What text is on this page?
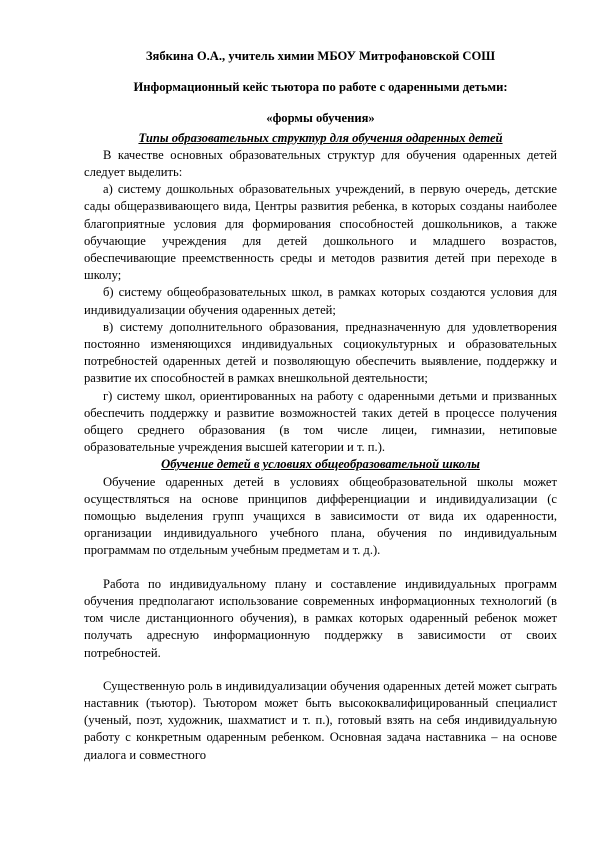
Зябкина О.А., учитель химии МБОУ Митрофановской СОШ

Информационный кейс тьютора по работе с одаренными детьми:

«формы обучения»

Типы образовательных структур для обучения одаренных детей

В качестве основных образовательных структур для обучения одаренных детей следует выделить:

а) систему дошкольных образовательных учреждений, в первую очередь, детские сады общеразвивающего вида, Центры развития ребенка, в которых созданы наиболее благоприятные условия для формирования способностей дошкольников, а также обучающие учреждения для детей дошкольного и младшего возрастов, обеспечивающие преемственность среды и методов развития детей при переходе в школу;

б) систему общеобразовательных школ, в рамках которых создаются условия для индивидуализации обучения одаренных детей;

в) систему дополнительного образования, предназначенную для удовлетворения постоянно изменяющихся индивидуальных социокультурных и образовательных потребностей одаренных детей и позволяющую обеспечить выявление, поддержку и развитие их способностей в рамках внешкольной деятельности;

г) систему школ, ориентированных на работу с одаренными детьми и призванных обеспечить поддержку и развитие возможностей таких детей в процессе получения общего среднего образования (в том числе лицеи, гимназии, нетиповые образовательные учреждения высшей категории и т. п.).

Обучение детей в условиях общеобразовательной школы

Обучение одаренных детей в условиях общеобразовательной школы может осуществляться на основе принципов дифференциации и индивидуализации (с помощью выделения групп учащихся в зависимости от вида их одаренности, организации индивидуального учебного плана, обучения по индивидуальным программам по отдельным учебным предметам и т. д.).

Работа по индивидуальному плану и составление индивидуальных программ обучения предполагают использование современных информационных технологий (в том числе дистанционного обучения), в рамках которых одаренный ребенок может получать адресную информационную поддержку в зависимости от своих потребностей.

Существенную роль в индивидуализации обучения одаренных детей может сыграть наставник (тьютор). Тьютором может быть высококвалифицированный специалист (ученый, поэт, художник, шахматист и т. п.), готовый взять на себя индивидуальную работу с конкретным одаренным ребенком. Основная задача наставника – на основе диалога и совместного
